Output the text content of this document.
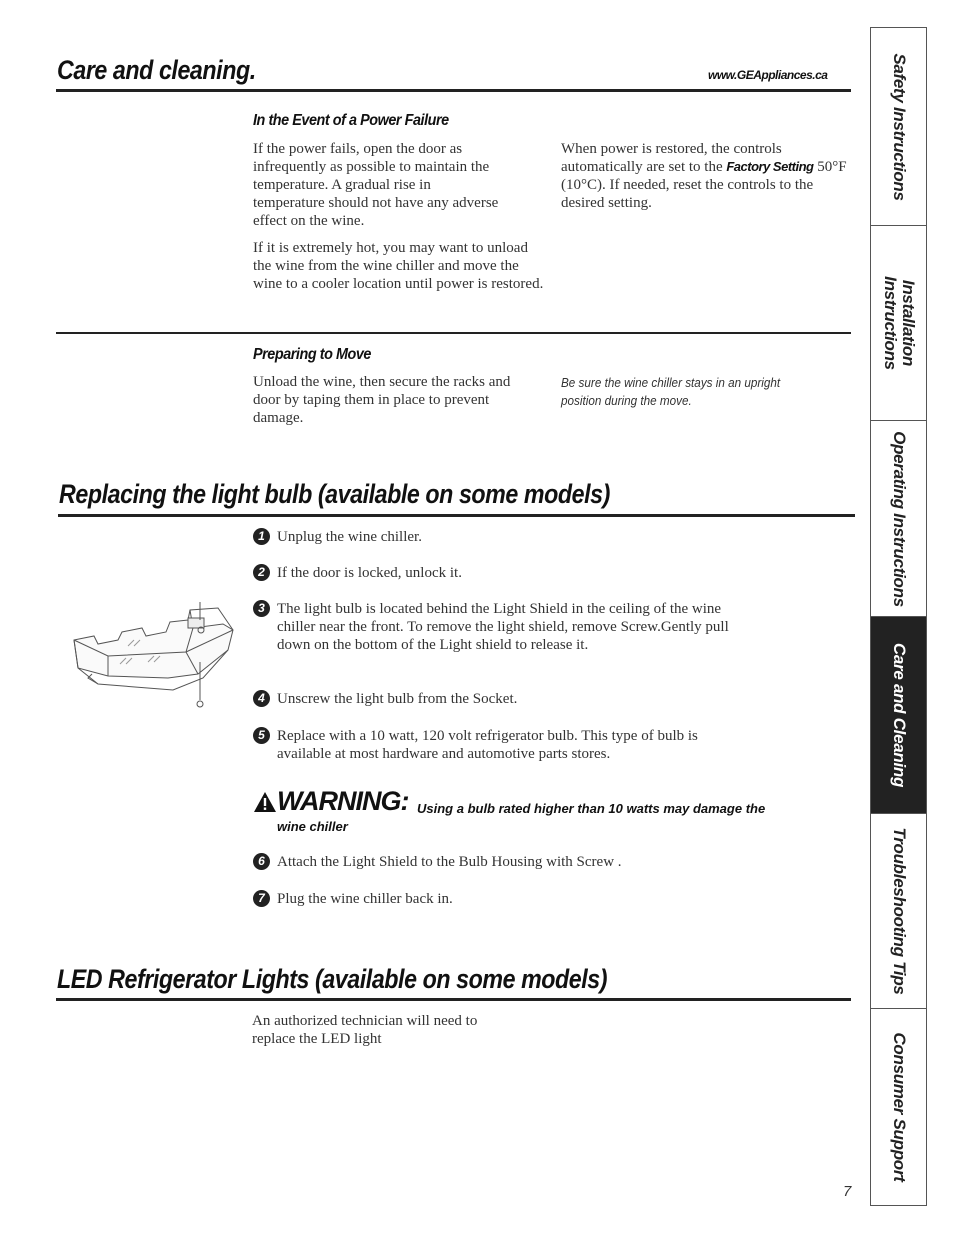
Care and cleaning.	www.GEAppliances.ca
In the Event of a Power Failure
If the power fails, open the door as infrequently as possible to maintain the temperature. A gradual rise in temperature should not have any adverse effect on the wine.
If it is extremely hot, you may want to unload the wine from the wine chiller and move the wine to a cooler location until power is restored.
When power is restored, the controls automatically are set to the Factory Setting 50°F (10°C). If needed, reset the controls to the desired setting.
Preparing to Move
Unload the wine, then secure the racks and door by taping them in place to prevent damage.
Be sure the wine chiller stays in an upright position during the move.
Replacing the light bulb (available on some models)
1 Unplug the wine chiller.
2 If the door is locked, unlock it.
3 The light bulb is located behind the Light Shield in the ceiling of the wine chiller near the front. To remove the light shield, remove Screw.Gently pull down on the bottom of the Light shield to release it.
4 Unscrew the light bulb from the Socket.
5 Replace with a 10 watt, 120 volt refrigerator bulb. This type of bulb is available at most hardware and automotive parts stores.
WARNING: Using a bulb rated higher than 10 watts may damage the wine chiller
6 Attach the Light Shield to the Bulb Housing with Screw .
7 Plug the wine chiller back in.
LED Refrigerator Lights (available on some models)
An authorized technician will need to replace the LED light
Safety Instructions
Installation Instructions
Operating Instructions
Care and Cleaning
Troubleshooting Tips
Consumer Support
7
